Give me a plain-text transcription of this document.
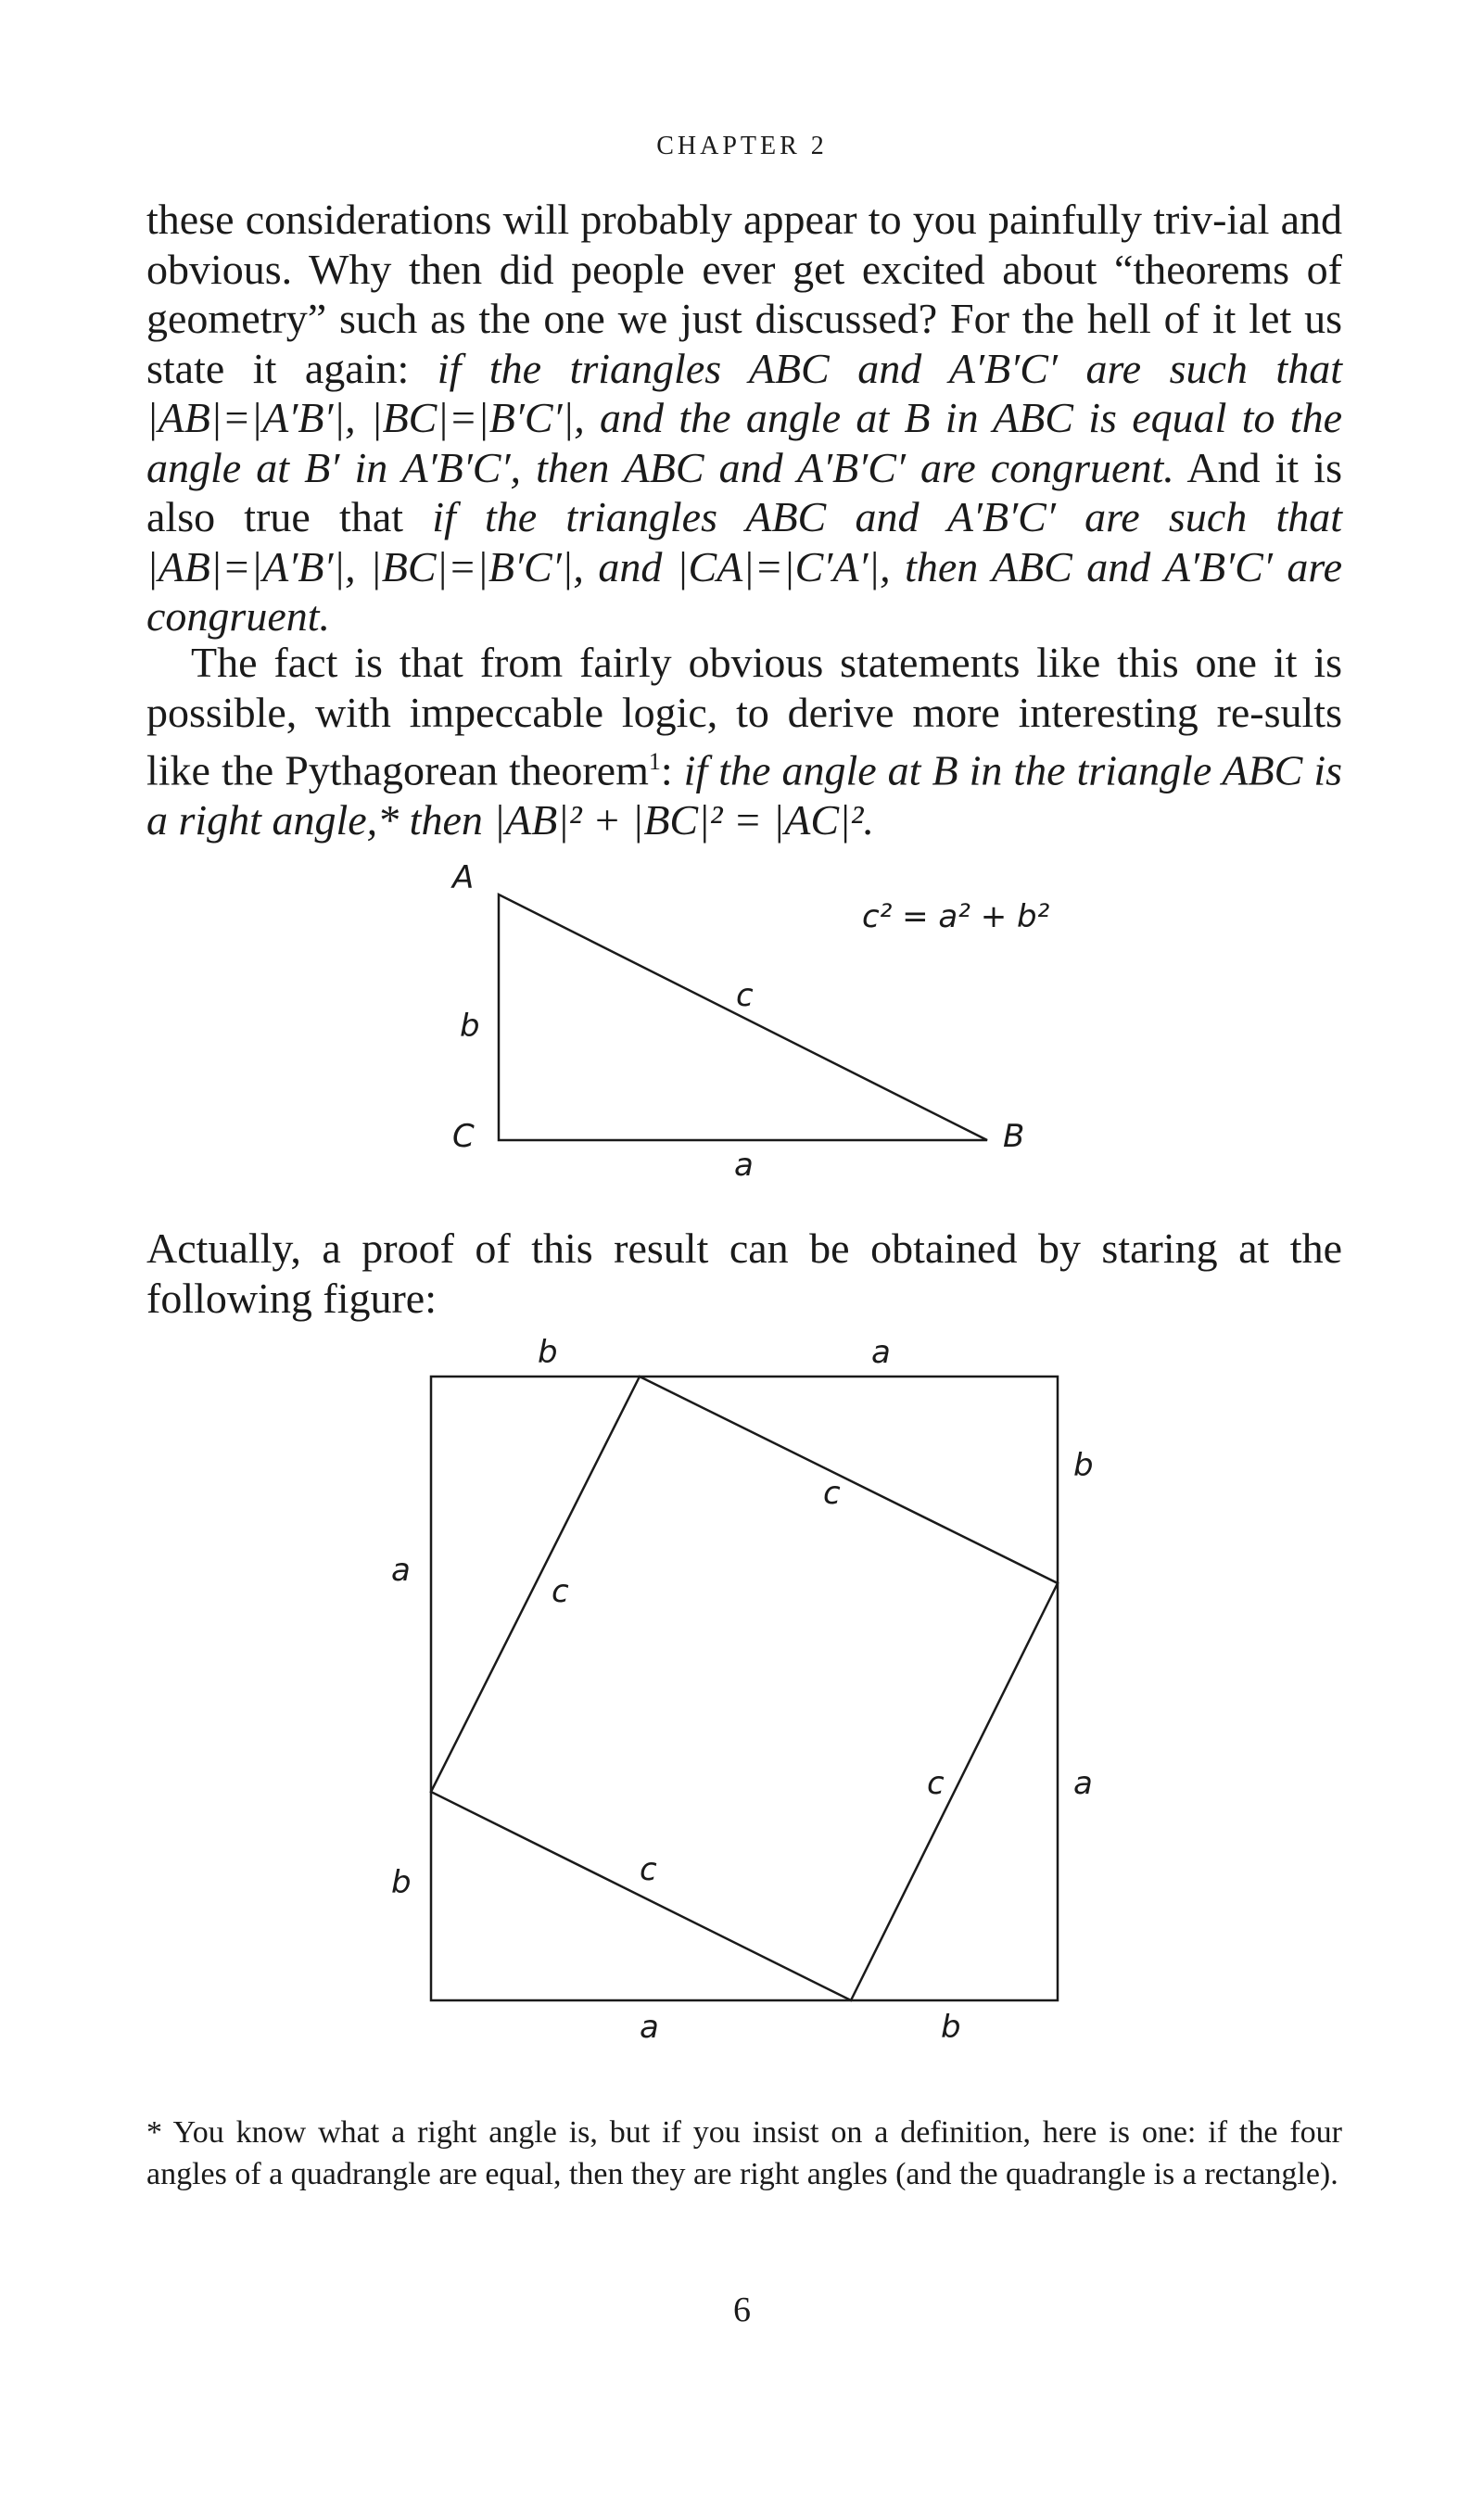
CHAPTER 2

these considerations will probably appear to you painfully triv-ial and obvious. Why then did people ever get excited about “theorems of geometry” such as the one we just discussed? For the hell of it let us state it again: if the triangles ABC and A′B′C′ are such that |AB|=|A′B′|, |BC|=|B′C′|, and the angle at B in ABC is equal to the angle at B′ in A′B′C′, then ABC and A′B′C′ are congruent. And it is also true that if the triangles ABC and A′B′C′ are such that |AB|=|A′B′|, |BC|=|B′C′|, and |CA|=|C′A′|, then ABC and A′B′C′ are congruent.

The fact is that from fairly obvious statements like this one it is possible, with impeccable logic, to derive more interesting re-sults like the Pythagorean theorem$^1$: if the angle at B in the triangle ABC is a right angle,* then |AB|² + |BC|² = |AC|².

c² = a² + b²
A
B
C
a
b
c
b	a
b
a
a	b
a
b
c
c
c
c

Actually, a proof of this result can be obtained by staring at the following figure:

* You know what a right angle is, but if you insist on a definition, here is one: if the four angles of a quadrangle are equal, then they are right angles (and the quadrangle is a rectangle).

6
